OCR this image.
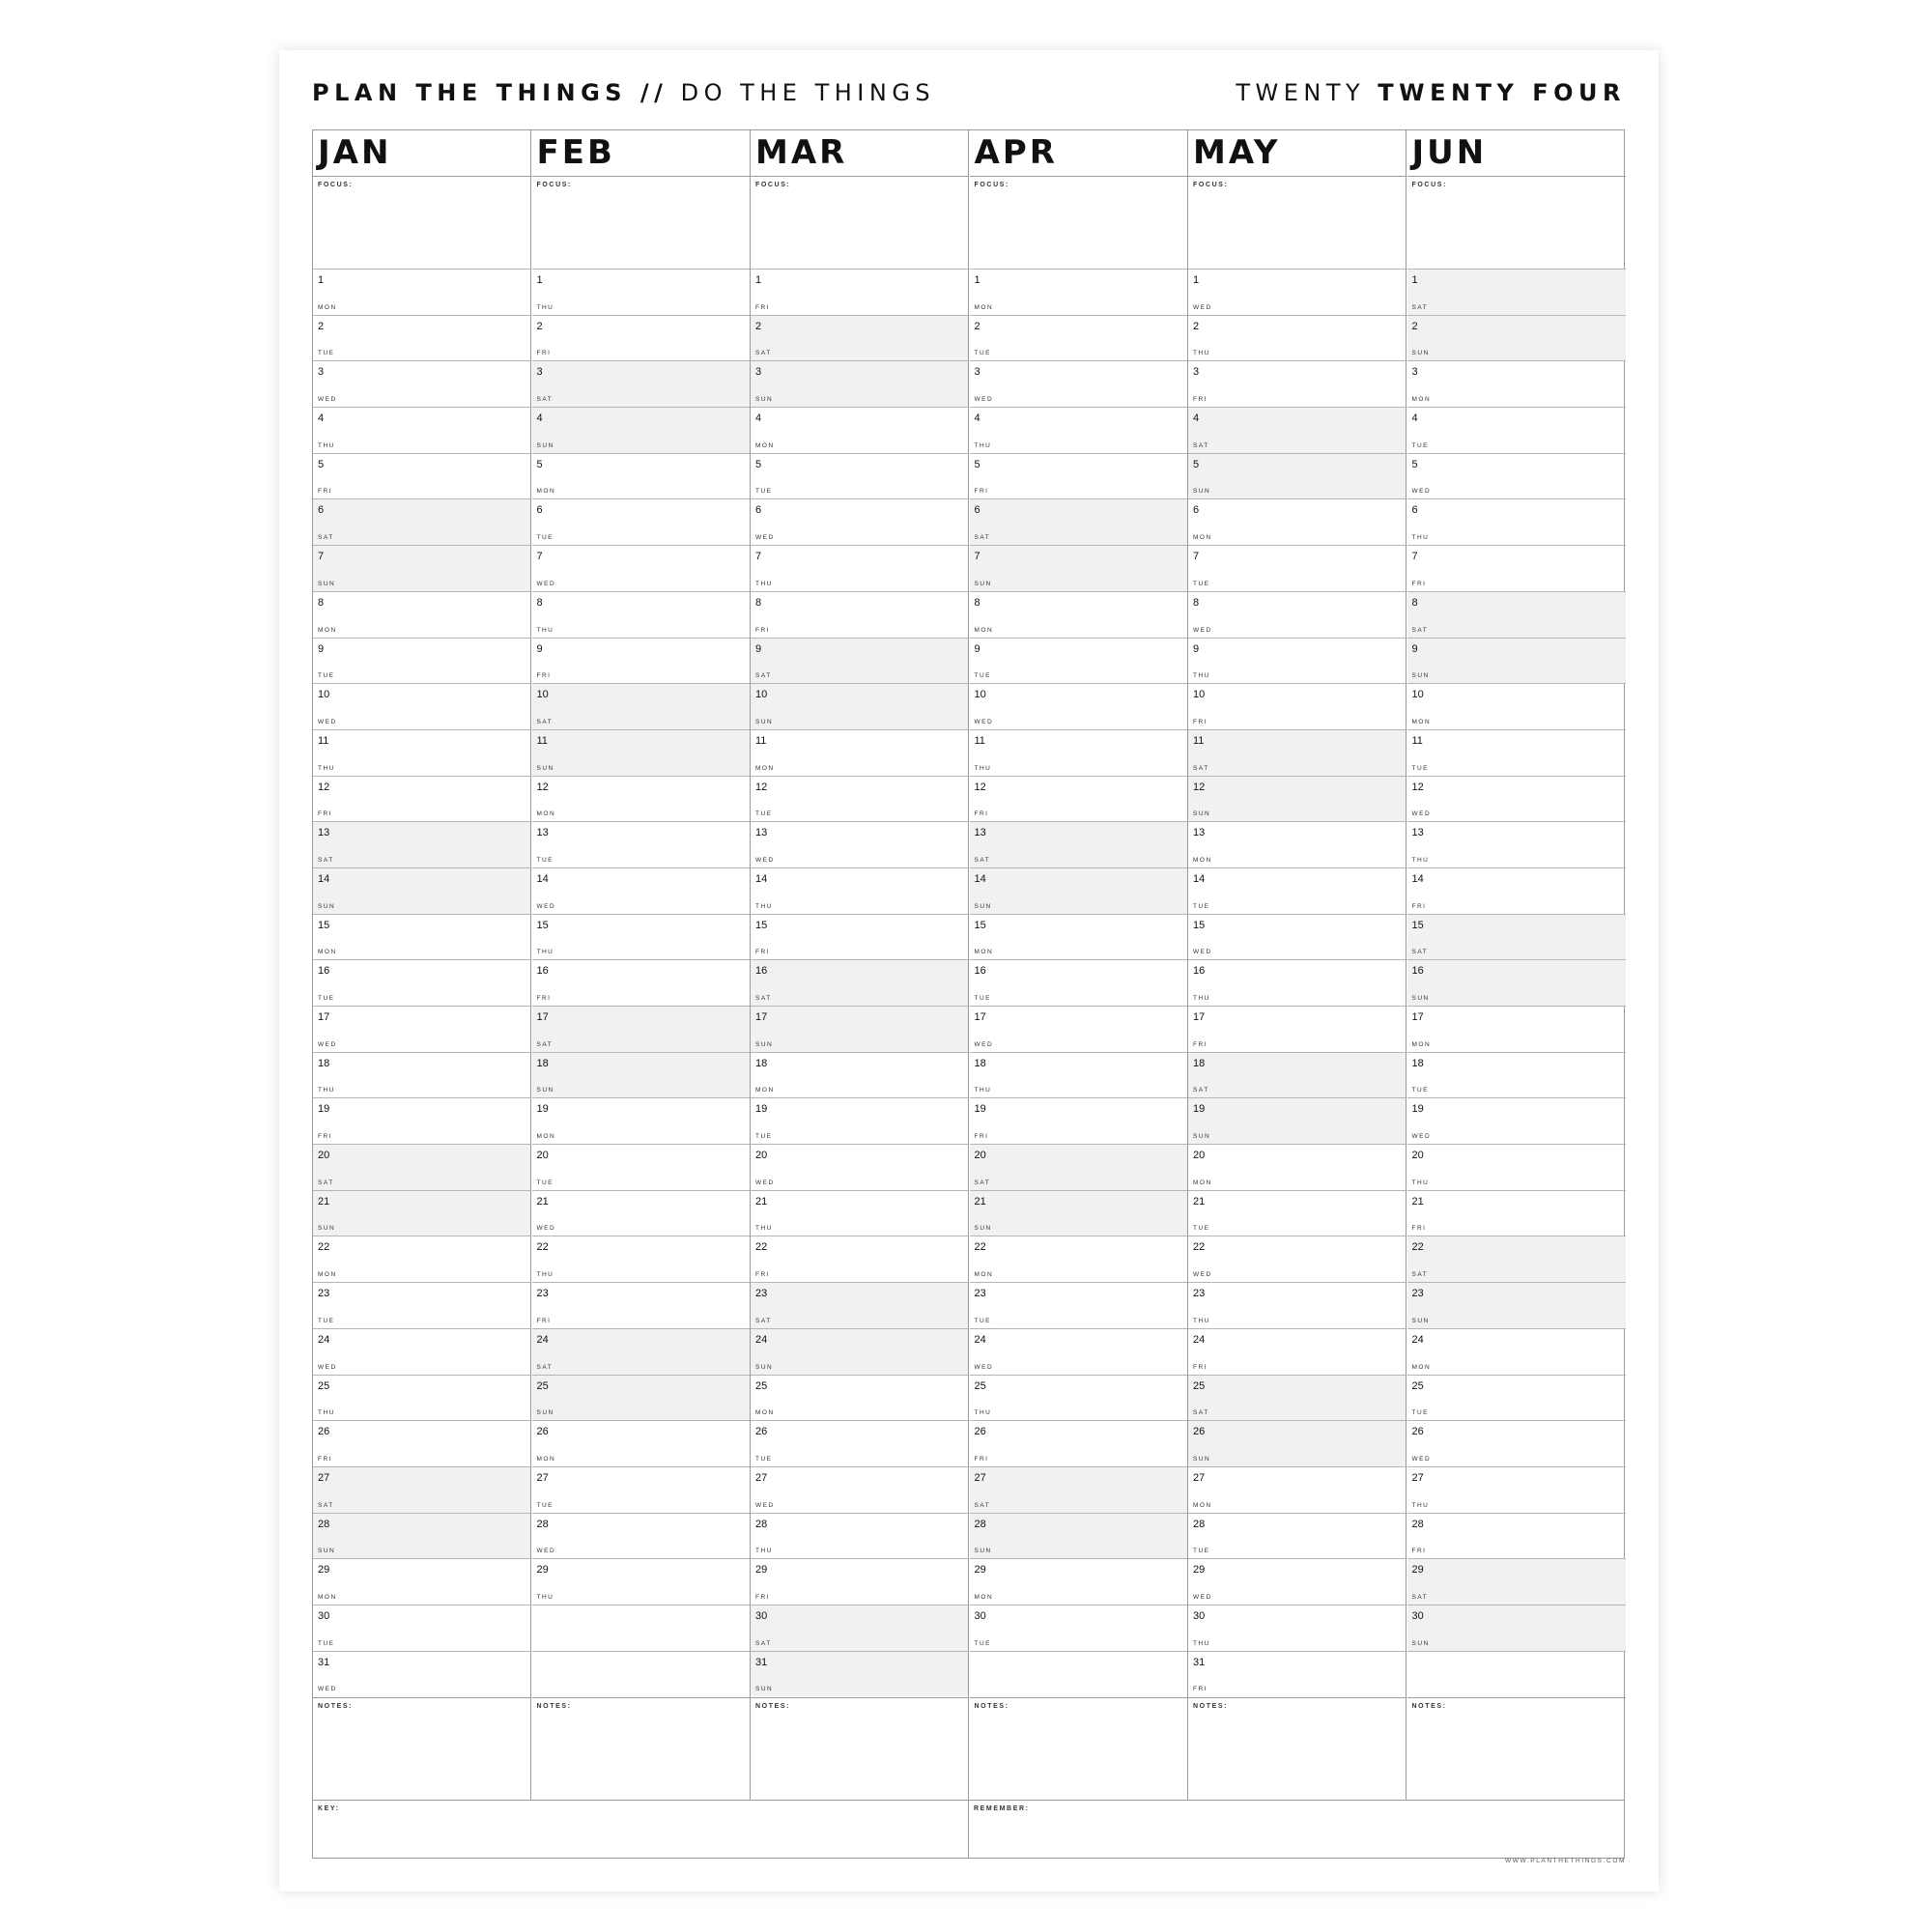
PLAN THE THINGS // DO THE THINGS	TWENTY TWENTY FOUR
KEY:	REMEMBER:
JAN
FOCUS:
1
MON
2
TUE
3
WED
4
THU
5
FRI
6
SAT
7
SUN
8
MON
9
TUE
10
WED
11
THU
12
FRI
13
SAT
14
SUN
15
MON
16
TUE
17
WED
18
THU
19
FRI
20
SAT
21
SUN
22
MON
23
TUE
24
WED
25
THU
26
FRI
27
SAT
28
SUN
29
MON
30
TUE
31
WED
NOTES:
FEB
FOCUS:
1
THU
2
FRI
3
SAT
4
SUN
5
MON
6
TUE
7
WED
8
THU
9
FRI
10
SAT
11
SUN
12
MON
13
TUE
14
WED
15
THU
16
FRI
17
SAT
18
SUN
19
MON
20
TUE
21
WED
22
THU
23
FRI
24
SAT
25
SUN
26
MON
27
TUE
28
WED
29
THU
NOTES:
MAR
FOCUS:
1
FRI
2
SAT
3
SUN
4
MON
5
TUE
6
WED
7
THU
8
FRI
9
SAT
10
SUN
11
MON
12
TUE
13
WED
14
THU
15
FRI
16
SAT
17
SUN
18
MON
19
TUE
20
WED
21
THU
22
FRI
23
SAT
24
SUN
25
MON
26
TUE
27
WED
28
THU
29
FRI
30
SAT
31
SUN
NOTES:
APR
FOCUS:
1
MON
2
TUE
3
WED
4
THU
5
FRI
6
SAT
7
SUN
8
MON
9
TUE
10
WED
11
THU
12
FRI
13
SAT
14
SUN
15
MON
16
TUE
17
WED
18
THU
19
FRI
20
SAT
21
SUN
22
MON
23
TUE
24
WED
25
THU
26
FRI
27
SAT
28
SUN
29
MON
30
TUE
NOTES:
MAY
FOCUS:
1
WED
2
THU
3
FRI
4
SAT
5
SUN
6
MON
7
TUE
8
WED
9
THU
10
FRI
11
SAT
12
SUN
13
MON
14
TUE
15
WED
16
THU
17
FRI
18
SAT
19
SUN
20
MON
21
TUE
22
WED
23
THU
24
FRI
25
SAT
26
SUN
27
MON
28
TUE
29
WED
30
THU
31
FRI
NOTES:
JUN
FOCUS:
1
SAT
2
SUN
3
MON
4
TUE
5
WED
6
THU
7
FRI
8
SAT
9
SUN
10
MON
11
TUE
12
WED
13
THU
14
FRI
15
SAT
16
SUN
17
MON
18
TUE
19
WED
20
THU
21
FRI
22
SAT
23
SUN
24
MON
25
TUE
26
WED
27
THU
28
FRI
29
SAT
30
SUN
NOTES:
WWW.PLANTHETHINGS.COM
